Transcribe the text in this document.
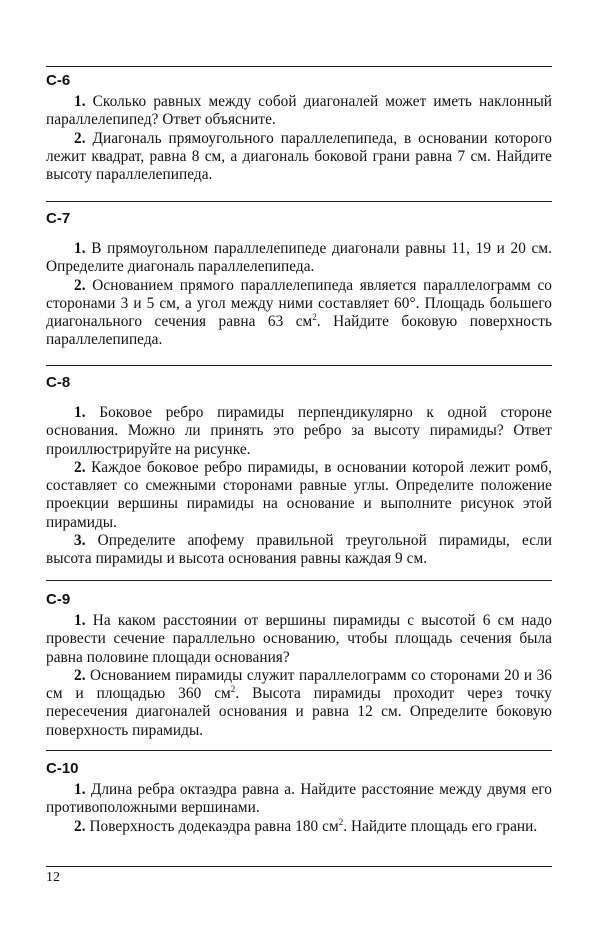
С-6

1. Сколько равных между собой диагоналей может иметь наклонный параллелепипед? Ответ объясните.

2. Диагональ прямоугольного параллелепипеда, в основании которого лежит квадрат, равна 8 см, а диагональ боковой грани равна 7 см. Найдите высоту параллелепипеда.

С-7

1. В прямоугольном параллелепипеде диагонали равны 11, 19 и 20 см. Определите диагональ параллелепипеда.

2. Основанием прямого параллелепипеда является параллелограмм со сторонами 3 и 5 см, а угол между ними составляет 60°. Площадь большего диагонального сечения равна 63 $см^2$. Найдите боковую поверхность параллелепипеда.

С-8

1. Боковое ребро пирамиды перпендикулярно к одной стороне основания. Можно ли принять это ребро за высоту пирамиды? Ответ проиллюстрируйте на рисунке.

2. Каждое боковое ребро пирамиды, в основании которой лежит ромб, составляет со смежными сторонами равные углы. Определите положение проекции вершины пирамиды на основание и выполните рисунок этой пирамиды.

3. Определите апофему правильной треугольной пирамиды, если высота пирамиды и высота основания равны каждая 9 см.

С-9

1. На каком расстоянии от вершины пирамиды с высотой 6 см надо провести сечение параллельно основанию, чтобы площадь сечения была равна половине площади основания?

2. Основанием пирамиды служит параллелограмм со сторонами 20 и 36 см и площадью 360 $см^2$. Высота пирамиды проходит через точку пересечения диагоналей основания и равна 12 см. Определите боковую поверхность пирамиды.

С-10

1. Длина ребра октаэдра равна a. Найдите расстояние между двумя его противоположными вершинами.

2. Поверхность додекаэдра равна 180 $см^2$. Найдите площадь его грани.

12
